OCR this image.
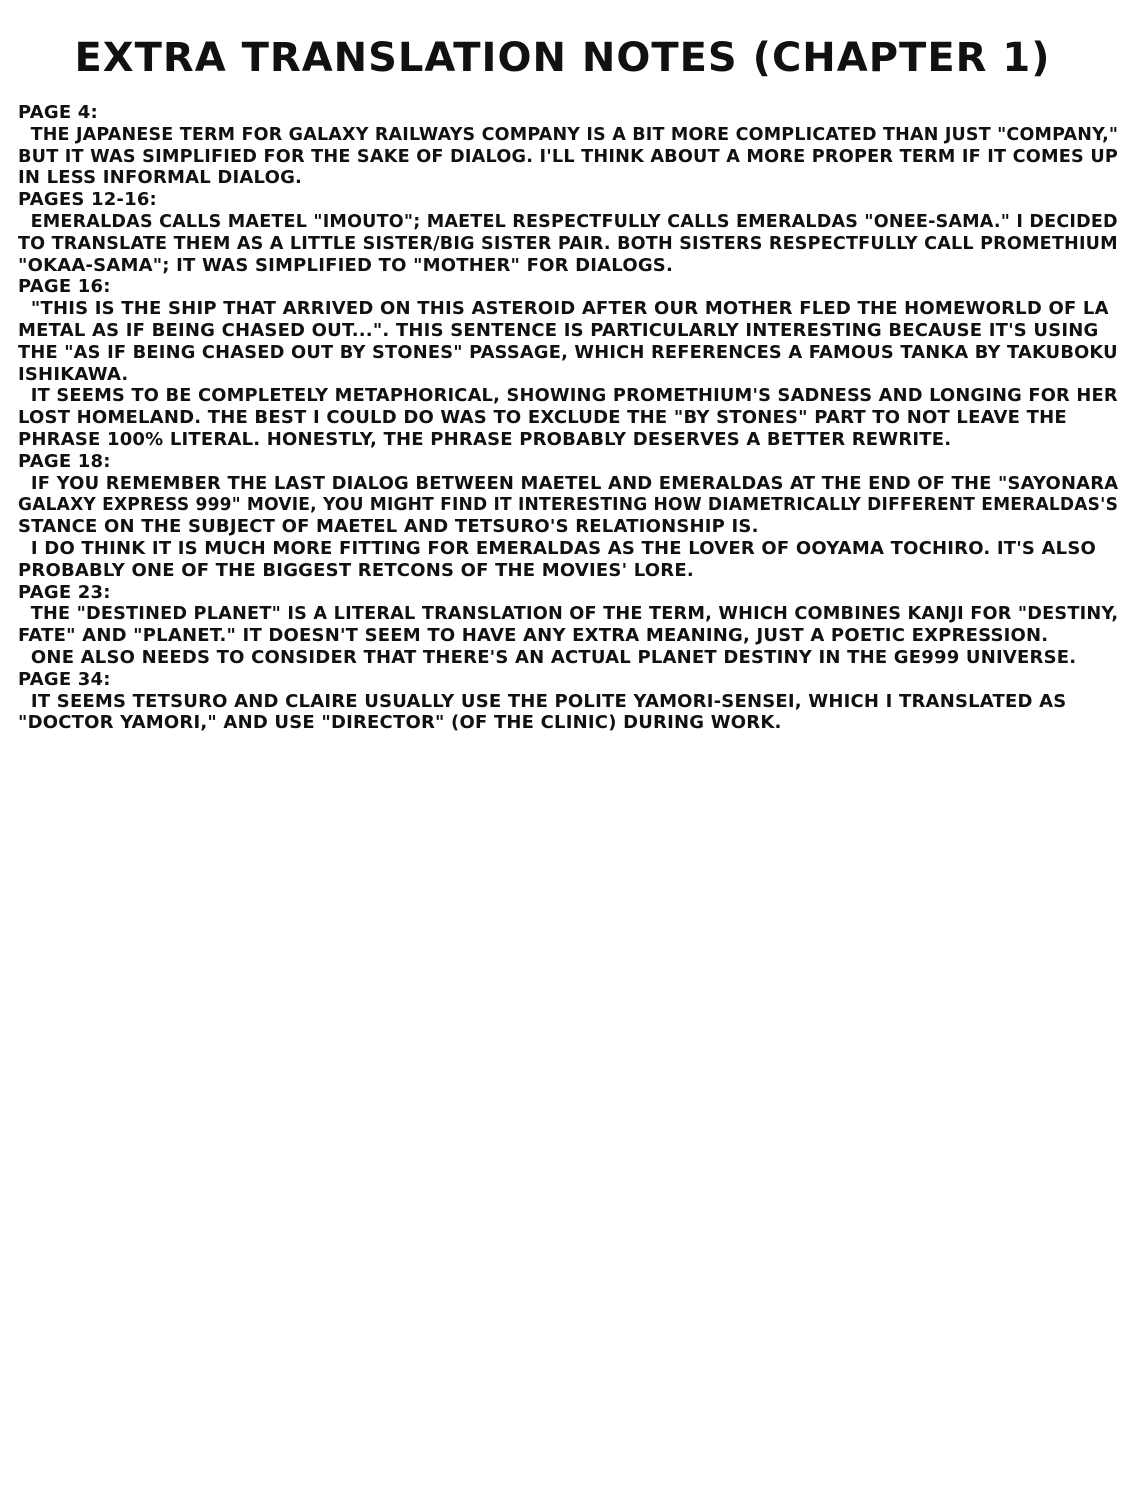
EXTRA TRANSLATION NOTES (CHAPTER 1)
PAGE 4:
THE JAPANESE TERM FOR GALAXY RAILWAYS COMPANY IS A BIT MORE COMPLICATED THAN JUST "COMPANY,"
BUT IT WAS SIMPLIFIED FOR THE SAKE OF DIALOG. I'LL THINK ABOUT A MORE PROPER TERM IF IT COMES UP
IN LESS INFORMAL DIALOG.
PAGES 12-16:
EMERALDAS CALLS MAETEL "IMOUTO"; MAETEL RESPECTFULLY CALLS EMERALDAS "ONEE-SAMA." I DECIDED
TO TRANSLATE THEM AS A LITTLE SISTER/BIG SISTER PAIR. BOTH SISTERS RESPECTFULLY CALL PROMETHIUM
"OKAA-SAMA"; IT WAS SIMPLIFIED TO "MOTHER" FOR DIALOGS.
PAGE 16:
"THIS IS THE SHIP THAT ARRIVED ON THIS ASTEROID AFTER OUR MOTHER FLED THE HOMEWORLD OF LA
METAL AS IF BEING CHASED OUT...". THIS SENTENCE IS PARTICULARLY INTERESTING BECAUSE IT'S USING
THE "AS IF BEING CHASED OUT BY STONES" PASSAGE, WHICH REFERENCES A FAMOUS TANKA BY TAKUBOKU
ISHIKAWA.
IT SEEMS TO BE COMPLETELY METAPHORICAL, SHOWING PROMETHIUM'S SADNESS AND LONGING FOR HER
LOST HOMELAND. THE BEST I COULD DO WAS TO EXCLUDE THE "BY STONES" PART TO NOT LEAVE THE
PHRASE 100% LITERAL. HONESTLY, THE PHRASE PROBABLY DESERVES A BETTER REWRITE.
PAGE 18:
IF YOU REMEMBER THE LAST DIALOG BETWEEN MAETEL AND EMERALDAS AT THE END OF THE "SAYONARA
GALAXY EXPRESS 999" MOVIE, YOU MIGHT FIND IT INTERESTING HOW DIAMETRICALLY DIFFERENT EMERALDAS'S
STANCE ON THE SUBJECT OF MAETEL AND TETSURO'S RELATIONSHIP IS.
I DO THINK IT IS MUCH MORE FITTING FOR EMERALDAS AS THE LOVER OF OOYAMA TOCHIRO. IT'S ALSO
PROBABLY ONE OF THE BIGGEST RETCONS OF THE MOVIES' LORE.
PAGE 23:
THE "DESTINED PLANET" IS A LITERAL TRANSLATION OF THE TERM, WHICH COMBINES KANJI FOR "DESTINY,
FATE" AND "PLANET." IT DOESN'T SEEM TO HAVE ANY EXTRA MEANING, JUST A POETIC EXPRESSION.
ONE ALSO NEEDS TO CONSIDER THAT THERE'S AN ACTUAL PLANET DESTINY IN THE GE999 UNIVERSE.
PAGE 34:
IT SEEMS TETSURO AND CLAIRE USUALLY USE THE POLITE YAMORI-SENSEI, WHICH I TRANSLATED AS
"DOCTOR YAMORI," AND USE "DIRECTOR" (OF THE CLINIC) DURING WORK.
